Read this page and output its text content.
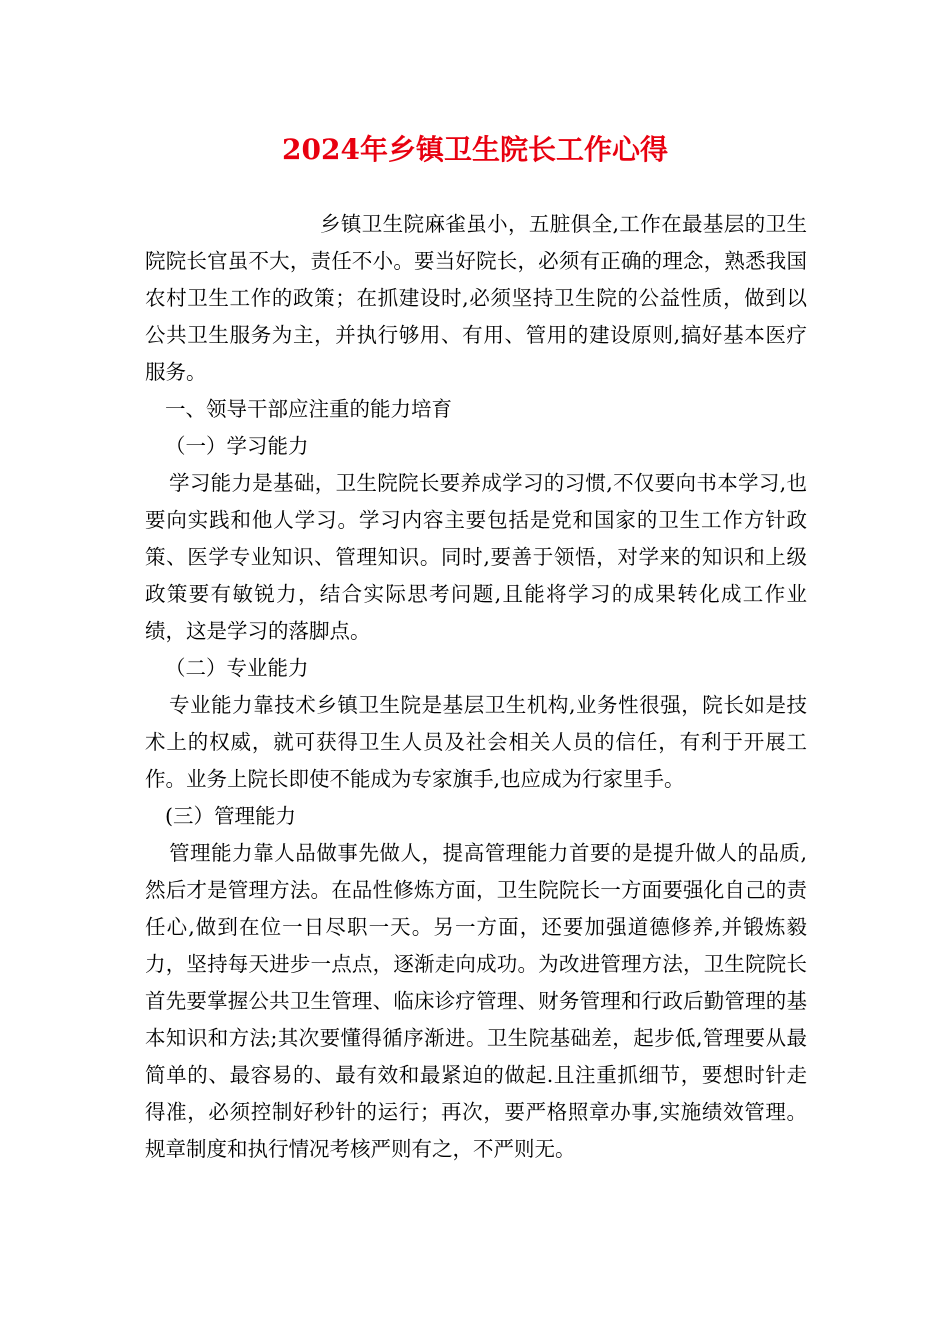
2024年乡镇卫生院长工作心得

乡镇卫生院麻雀虽小，五脏俱全,工作在最基层的卫生院院长官虽不大，责任不小。要当好院长，必须有正确的理念，熟悉我国农村卫生工作的政策；在抓建设时,必须坚持卫生院的公益性质，做到以公共卫生服务为主，并执行够用、有用、管用的建设原则,搞好基本医疗服务。

一、领导干部应注重的能力培育

（一）学习能力

学习能力是基础，卫生院院长要养成学习的习惯,不仅要向书本学习,也要向实践和他人学习。学习内容主要包括是党和国家的卫生工作方针政策、医学专业知识、管理知识。同时,要善于领悟，对学来的知识和上级政策要有敏锐力，结合实际思考问题,且能将学习的成果转化成工作业绩，这是学习的落脚点。

（二）专业能力

专业能力靠技术乡镇卫生院是基层卫生机构,业务性很强，院长如是技术上的权威，就可获得卫生人员及社会相关人员的信任，有利于开展工作。业务上院长即使不能成为专家旗手,也应成为行家里手。

(三）管理能力

管理能力靠人品做事先做人，提高管理能力首要的是提升做人的品质,然后才是管理方法。在品性修炼方面，卫生院院长一方面要强化自己的责任心,做到在位一日尽职一天。另一方面，还要加强道德修养,并锻炼毅力，坚持每天进步一点点，逐渐走向成功。为改进管理方法，卫生院院长首先要掌握公共卫生管理、临床诊疗管理、财务管理和行政后勤管理的基本知识和方法;其次要懂得循序渐进。卫生院基础差，起步低,管理要从最简单的、最容易的、最有效和最紧迫的做起.且注重抓细节，要想时针走得准，必须控制好秒针的运行；再次，要严格照章办事,实施绩效管理。规章制度和执行情况考核严则有之，不严则无。
